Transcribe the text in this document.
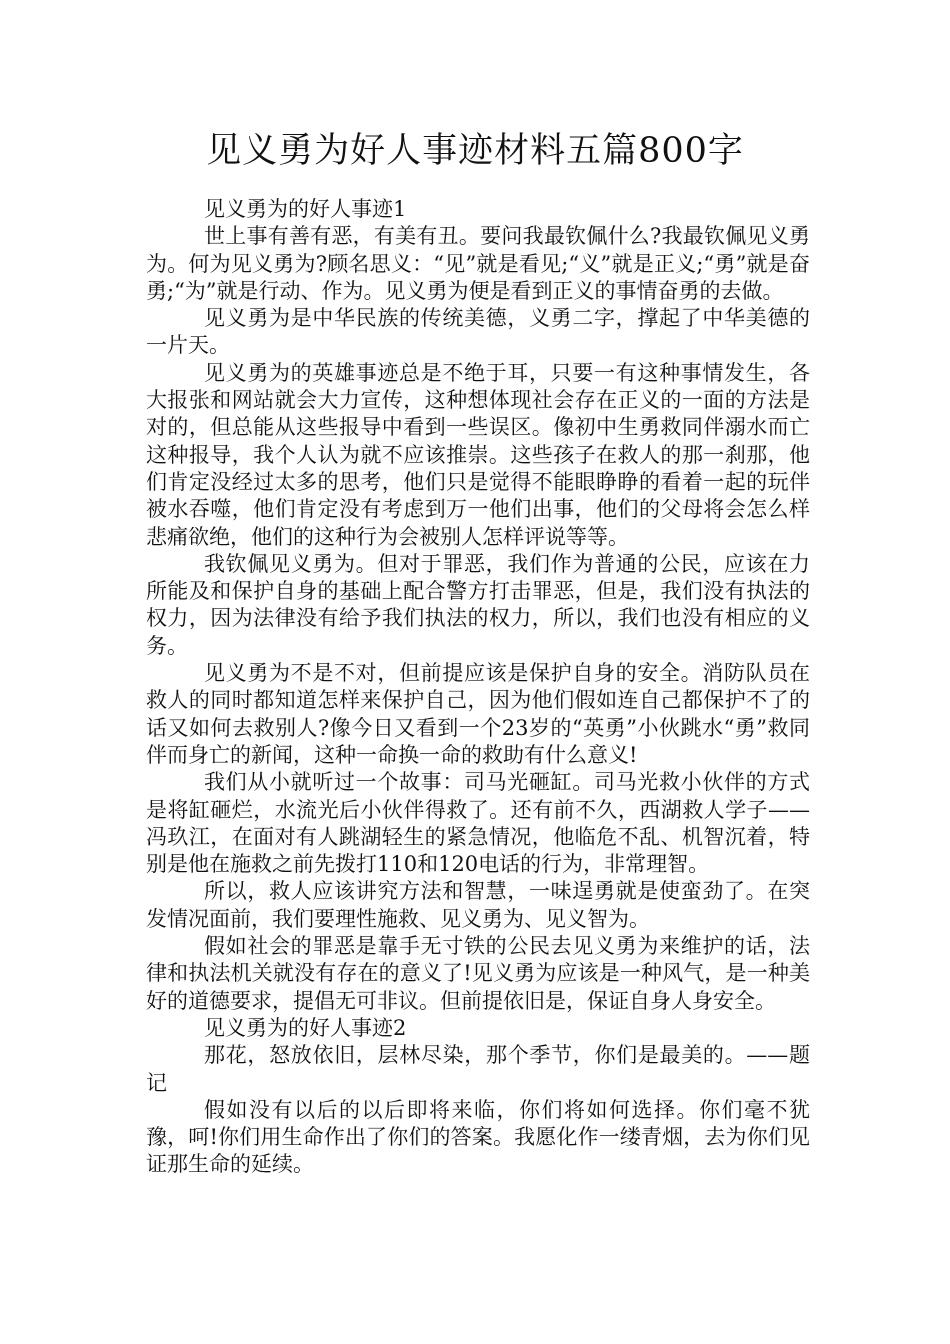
见义勇为好人事迹材料五篇800字

见义勇为的好人事迹1

世上事有善有恶，有美有丑。要问我最钦佩什么?我最钦佩见义勇为。何为见义勇为?顾名思义：“见”就是看见;“义”就是正义;“勇”就是奋勇;“为”就是行动、作为。见义勇为便是看到正义的事情奋勇的去做。

见义勇为是中华民族的传统美德，义勇二字，撑起了中华美德的一片天。

见义勇为的英雄事迹总是不绝于耳，只要一有这种事情发生，各大报张和网站就会大力宣传，这种想体现社会存在正义的一面的方法是对的，但总能从这些报导中看到一些误区。像初中生勇救同伴溺水而亡这种报导，我个人认为就不应该推崇。这些孩子在救人的那一刹那，他们肯定没经过太多的思考，他们只是觉得不能眼睁睁的看着一起的玩伴被水吞噬，他们肯定没有考虑到万一他们出事，他们的父母将会怎么样悲痛欲绝，他们的这种行为会被别人怎样评说等等。

我钦佩见义勇为。但对于罪恶，我们作为普通的公民，应该在力所能及和保护自身的基础上配合警方打击罪恶，但是，我们没有执法的权力，因为法律没有给予我们执法的权力，所以，我们也没有相应的义务。

见义勇为不是不对，但前提应该是保护自身的安全。消防队员在救人的同时都知道怎样来保护自己，因为他们假如连自己都保护不了的话又如何去救别人?像今日又看到一个23岁的“英勇”小伙跳水“勇”救同伴而身亡的新闻，这种一命换一命的救助有什么意义!

我们从小就听过一个故事：司马光砸缸。司马光救小伙伴的方式是将缸砸烂，水流光后小伙伴得救了。还有前不久，西湖救人学子——冯玖江，在面对有人跳湖轻生的紧急情况，他临危不乱、机智沉着，特别是他在施救之前先拨打110和120电话的行为，非常理智。

所以，救人应该讲究方法和智慧，一味逞勇就是使蛮劲了。在突发情况面前，我们要理性施救、见义勇为、见义智为。

假如社会的罪恶是靠手无寸铁的公民去见义勇为来维护的话，法律和执法机关就没有存在的意义了!见义勇为应该是一种风气，是一种美好的道德要求，提倡无可非议。但前提依旧是，保证自身人身安全。

见义勇为的好人事迹2

那花，怒放依旧，层林尽染，那个季节，你们是最美的。——题记

假如没有以后的以后即将来临，你们将如何选择。你们毫不犹豫，呵!你们用生命作出了你们的答案。我愿化作一缕青烟，去为你们见证那生命的延续。
